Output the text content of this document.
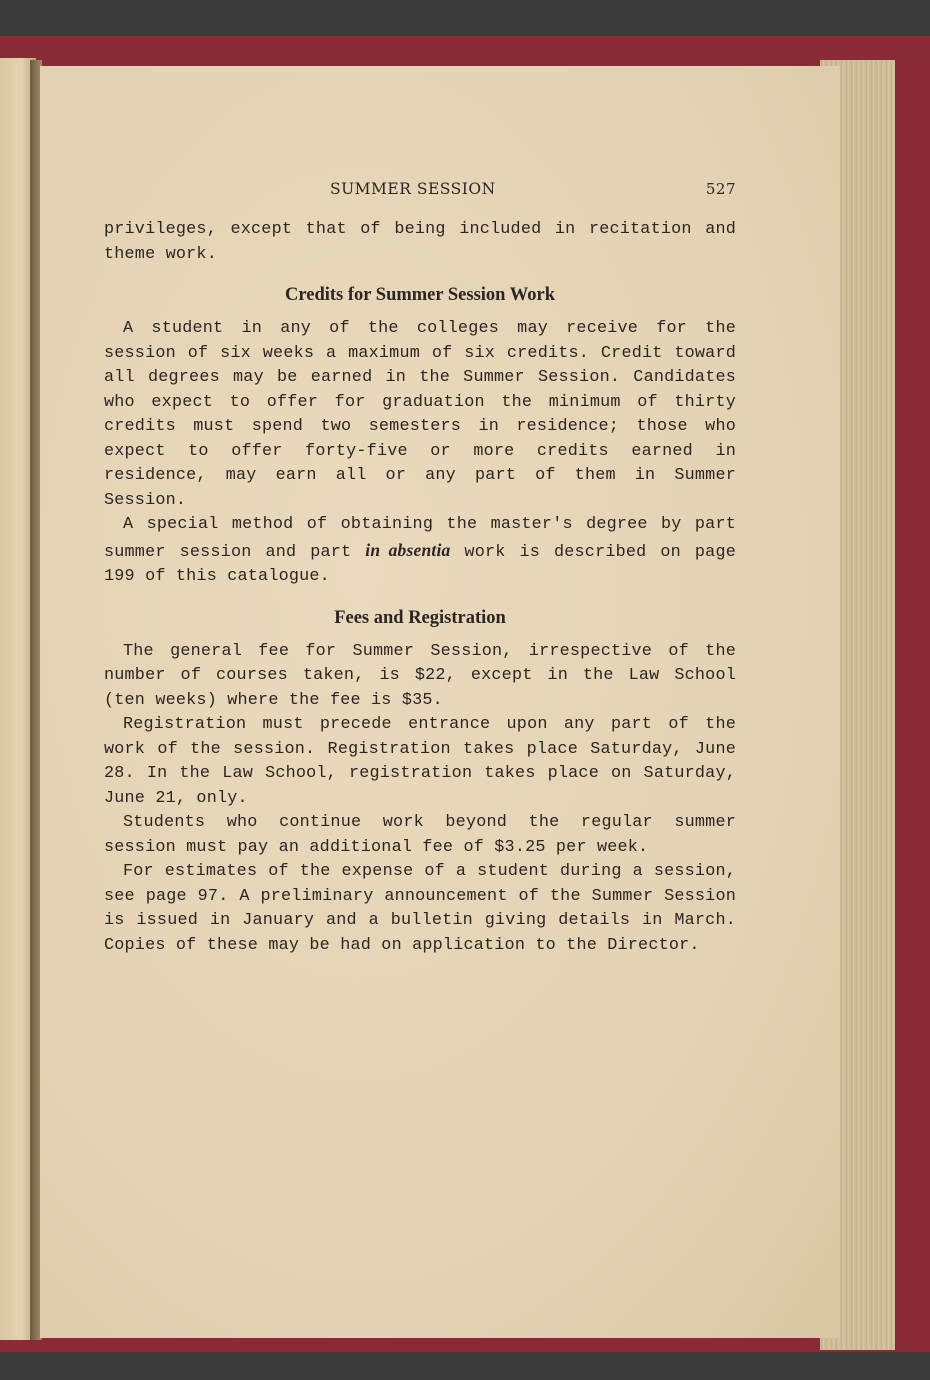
SUMMER SESSION	527

privileges, except that of being included in recitation and theme work.

Credits for Summer Session Work

A student in any of the colleges may receive for the session of six weeks a maximum of six credits. Credit toward all degrees may be earned in the Summer Session. Candidates who expect to offer for graduation the minimum of thirty credits must spend two semesters in residence; those who expect to offer forty-five or more credits earned in residence, may earn all or any part of them in Summer Session.

A special method of obtaining the master's degree by part summer session and part in absentia work is described on page 199 of this catalogue.

Fees and Registration

The general fee for Summer Session, irrespective of the number of courses taken, is $22, except in the Law School (ten weeks) where the fee is $35.

Registration must precede entrance upon any part of the work of the session. Registration takes place Saturday, June 28. In the Law School, registration takes place on Saturday, June 21, only.

Students who continue work beyond the regular summer session must pay an additional fee of $3.25 per week.

For estimates of the expense of a student during a session, see page 97. A preliminary announcement of the Summer Session is issued in January and a bulletin giving details in March. Copies of these may be had on application to the Director.
